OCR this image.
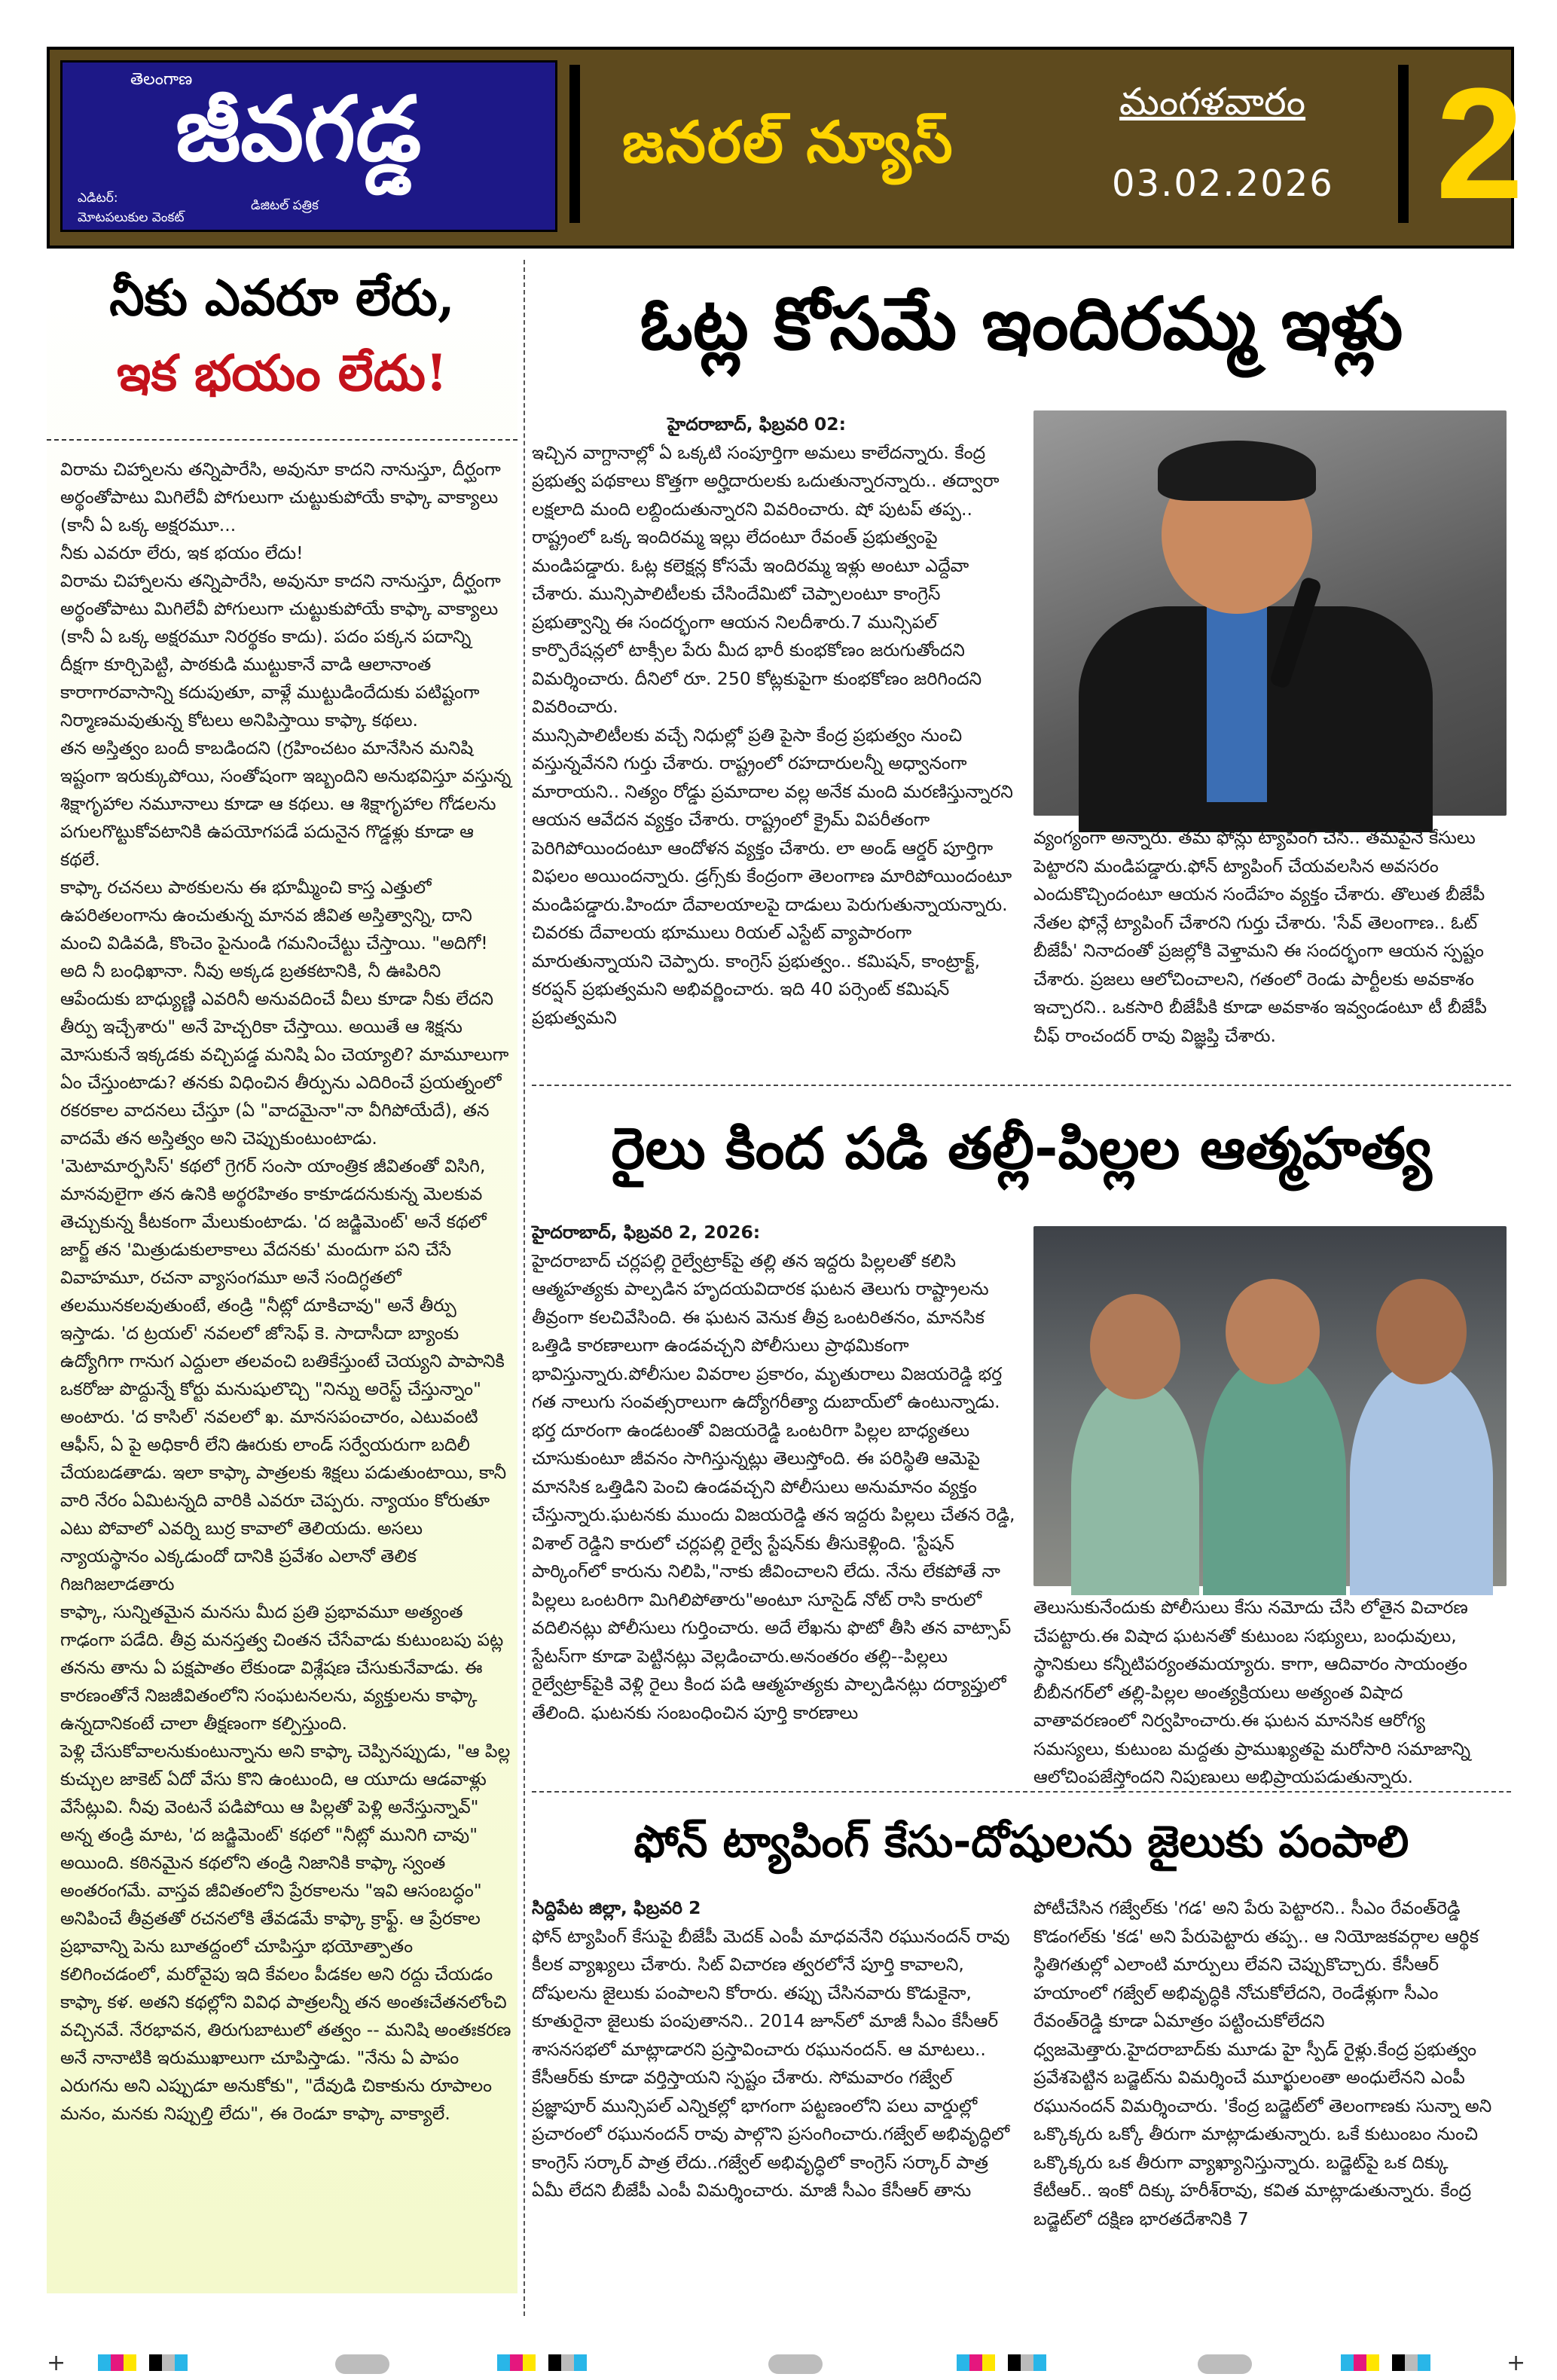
తెలంగాణ
జీవగడ్డ
ఎడిటర్:
మోటపలుకుల వెంకట్
డిజిటల్ పత్రిక
జనరల్ న్యూస్
మంగళవారం
03.02.2026 2
నీకు ఎవరూ లేరు,
ఇక భయం లేదు!

విరామ చిహ్నాలను తన్నిపారేసి, అవునూ కాదని నానుస్తూ, దీర్ఘంగా అర్థంతోపాటు మిగిలేవీ పోగులుగా చుట్టుకుపోయే కాఫ్కా వాక్యాలు (కానీ ఏ ఒక్క అక్షరమూ...

నీకు ఎవరూ లేరు, ఇక భయం లేదు!

విరామ చిహ్నాలను తన్నిపారేసి, అవునూ కాదని నానుస్తూ, దీర్ఘంగా అర్థంతోపాటు మిగిలేవీ పోగులుగా చుట్టుకుపోయే కాఫ్కా వాక్యాలు (కానీ ఏ ఒక్క అక్షరమూ నిరర్థకం కాదు). పదం పక్కన పదాన్ని దీక్షగా కూర్చిపెట్టి, పాఠకుడి ముట్టుకానే వాడి ఆలానాంత కారాగారవాసాన్ని కదుపుతూ, వాళ్లే ముట్టుడిందేదుకు పటిష్టంగా నిర్మాణమవుతున్న కోటలు అనిపిస్తాయి కాఫ్కా కథలు.

తన అస్తిత్వం బందీ కాబడిందని (గ్రహించటం మానేసిన మనిషి ఇష్టంగా ఇరుక్కుపోయి, సంతోషంగా ఇబ్బందిని అనుభవిస్తూ వస్తున్న శిక్షాగృహాల నమూనాలు కూడా ఆ కథలు. ఆ శిక్షాగృహాల గోడలను పగులగొట్టుకోవటానికి ఉపయోగపడే పదునైన గొడ్డళ్లు కూడా ఆ కథలే.

కాఫ్కా రచనలు పాఠకులను ఈ భూమ్మీంచి కాస్త ఎత్తులో ఉపరితలంగాను ఉంచుతున్న మానవ జీవిత అస్తిత్వాన్ని, దాని మంచి విడివడి, కొంచెం పైనుండి గమనించేట్టు చేస్తాయి. "అదిగో! అది నీ బంధిఖానా. నీవు అక్కడ బ్రతకటానికి, నీ ఊపిరిని ఆపేందుకు బాధ్యుణ్ణి ఎవరినీ అనువదించే వీలు కూడా నీకు లేదని తీర్పు ఇచ్చేశారు" అనే హెచ్చరికా చేస్తాయి. అయితే ఆ శిక్షను మోసుకునే ఇక్కడకు వచ్చిపడ్డ మనిషి ఏం చెయ్యాలి? మామూలుగా ఏం చేస్తుంటాడు? తనకు విధించిన తీర్పును ఎదిరించే ప్రయత్నంలో రకరకాల వాదనలు చేస్తూ (ఏ "వాదమైనా"నా వీగిపోయేదే), తన వాదమే తన అస్తిత్వం అని చెప్పుకుంటుంటాడు.

'మెటామార్ఫసిస్' కథలో గ్రెగర్ సంసా యాంత్రిక జీవితంతో విసిగి, మానవులైగా తన ఉనికి అర్థరహితం కాకూడదనుకున్న మెలకువ తెచ్చుకున్న కీటకంగా మేలుకుంటాడు. 'ద జడ్జిమెంట్' అనే కథలో జార్జ్ తన 'మిత్రుడుకులాకాలు వేదనకు' మందుగా పని చేసే వివాహమూ, రచనా వ్యాసంగమూ అనే సందిగ్ధతలో తలమునకలవుతుంటే, తండ్రి "నీట్లో దూకిచావు" అనే తీర్పు ఇస్తాడు. 'ద ట్రయల్' నవలలో జోసెఫ్ కె. సాదాసీదా బ్యాంకు ఉద్యోగిగా గానుగ ఎద్దులా తలవంచి బతికేస్తుంటే చెయ్యని పాపానికి ఒకరోజు పొద్దున్నే కోర్టు మనుషులొచ్చి "నిన్ను అరెస్ట్ చేస్తున్నాం" అంటారు. 'ద కాసిల్' నవలలో ఖ. మానసపంచారం, ఎటువంటి ఆఫీస్, ఏ పై అధికారీ లేని ఊరుకు లాండ్ సర్వేయరుగా బదిలీ చేయబడతాడు. ఇలా కాఫ్కా పాత్రలకు శిక్షలు పడుతుంటాయి, కానీ వారి నేరం ఏమిటన్నది వారికి ఎవరూ చెప్పరు. న్యాయం కోరుతూ ఎటు పోవాలో ఎవర్ని బుర్ర కావాలో తెలియదు. అసలు న్యాయస్థానం ఎక్కడుందో దానికి ప్రవేశం ఎలానో తెలిక గిజగిజలాడతారు

కాఫ్కా, సున్నితమైన మనసు మీద ప్రతి ప్రభావమూ అత్యంత గాఢంగా పడేది. తీవ్ర మనస్తత్వ చింతన చేసేవాడు కుటుంబపు పట్ల తనను తాను ఏ పక్షపాతం లేకుండా విశ్లేషణ చేసుకునేవాడు. ఈ కారణంతోనే నిజజీవితంలోని సంఘటనలను, వ్యక్తులను కాఫ్కా ఉన్నదానికంటే చాలా తీక్షణంగా కల్పిస్తుంది.

పెళ్లి చేసుకోవాలనుకుంటున్నాను అని కాఫ్కా చెప్పినప్పుడు, "ఆ పిల్ల కుచ్చుల జాకెట్ ఏదో వేసు కొని ఉంటుంది, ఆ యూదు ఆడవాళ్లు వేసేట్లువి. నీవు వెంటనే పడిపోయి ఆ పిల్లతో పెళ్లి అనేస్తున్నావ్" అన్న తండ్రి మాట, 'ద జడ్జిమెంట్' కథలో "నీట్లో మునిగి చావు" అయింది. కఠినమైన కథలోని తండ్రి నిజానికి కాఫ్కా స్వంత అంతరంగమే. వాస్తవ జీవితంలోని ప్రేరకాలను "ఇవి ఆసంబద్ధం" అనిపించే తీవ్రతతో రచనలోకి తేవడమే కాఫ్కా క్రాఫ్ట్. ఆ ప్రేరకాల ప్రభావాన్ని పెను బూతద్దంలో చూపిస్తూ భయోత్పాతం కలిగించడంలో, మరోవైపు ఇది కేవలం పీడకల అని రద్దు చేయడం కాఫ్కా కళ. అతని కథల్లోని వివిధ పాత్రలన్నీ తన అంతఃచేతనలోంచి వచ్చినవే. నేరభావన, తిరుగుబాటులో తత్వం -- మనిషి అంతఃకరణ అనే నానాటికి ఇరుముఖాలుగా చూపిస్తాడు. "నేను ఏ పాపం ఎరుగను అని ఎప్పుడూ అనుకోకు", "దేవుడి చికాకును రూపాలం మనం, మనకు నిప్పుల్తి లేదు", ఈ రెండూ కాఫ్కా వాక్యాలే.

ఓట్ల కోసమే ఇందిరమ్మ ఇళ్లు

హైదరాబాద్, ఫిబ్రవరి 02:

ఇచ్చిన వాగ్దానాల్లో ఏ ఒక్కటి సంపూర్తిగా అమలు కాలేదన్నారు. కేంద్ర ప్రభుత్వ పథకాలు కొత్తగా అర్హిదారులకు ఒదుతున్నారన్నారు.. తద్వారా లక్షలాది మంది లబ్దిందుతున్నారని వివరించారు. షో పుటప్ తప్ప.. రాష్ట్రంలో ఒక్క ఇందిరమ్మ ఇల్లు లేదంటూ రేవంత్ ప్రభుత్వంపై మండిపడ్డారు. ఓట్ల కలెక్షన్ల కోసమే ఇందిరమ్మ ఇళ్లు అంటూ ఎద్దేవా చేశారు. మున్సిపాలిటీలకు చేసిందేమిటో చెప్పాలంటూ కాంగ్రెస్ ప్రభుత్వాన్ని ఈ సందర్భంగా ఆయన నిలదీశారు.7 మున్సిపల్ కార్పొరేషన్లలో టాక్సీల పేరు మీద భారీ కుంభకోణం జరుగుతోందని విమర్శించారు. దీనిలో రూ. 250 కోట్లకుపైగా కుంభకోణం జరిగిందని వివరించారు.

మున్సిపాలిటీలకు వచ్చే నిధుల్లో ప్రతి పైసా కేంద్ర ప్రభుత్వం నుంచి వస్తున్నవేనని గుర్తు చేశారు. రాష్ట్రంలో రహదారులన్నీ అధ్వానంగా మారాయని.. నిత్యం రోడ్డు ప్రమాదాల వల్ల అనేక మంది మరణిస్తున్నారని ఆయన ఆవేదన వ్యక్తం చేశారు. రాష్ట్రంలో క్రైమ్ విపరీతంగా పెరిగిపోయిందంటూ ఆందోళన వ్యక్తం చేశారు. లా అండ్ ఆర్డర్ పూర్తిగా విఫలం అయిందన్నారు. డ్రగ్స్‌కు కేంద్రంగా తెలంగాణ మారిపోయిందంటూ మండిపడ్డారు.హిందూ దేవాలయాలపై దాడులు పెరుగుతున్నాయన్నారు. చివరకు దేవాలయ భూములు రియల్ ఎస్టేట్ వ్యాపారంగా మారుతున్నాయని చెప్పారు. కాంగ్రెస్ ప్రభుత్వం.. కమిషన్, కాంట్రాక్ట్, కరప్షన్ ప్రభుత్వమని అభివర్ణించారు. ఇది 40 పర్సెంట్ కమిషన్ ప్రభుత్వమని

వ్యంగ్యంగా అన్నారు. తమ ఫోన్లు ట్యాపింగ్ చేసి.. తమపైనే కేసులు పెట్టారని మండిపడ్డారు.ఫోన్ ట్యాపింగ్ చేయవలసిన అవసరం ఎందుకొచ్చిందంటూ ఆయన సందేహం వ్యక్తం చేశారు. తొలుత బీజేపీ నేతల ఫోన్లే ట్యాపింగ్ చేశారని గుర్తు చేశారు. 'సేవ్ తెలంగాణ.. ఓట్ బీజేపీ' నినాదంతో ప్రజల్లోకి వెళ్తామని ఈ సందర్భంగా ఆయన స్పష్టం చేశారు. ప్రజలు ఆలోచించాలని, గతంలో రెండు పార్టీలకు అవకాశం ఇచ్చారని.. ఒకసారి బీజేపీకి కూడా అవకాశం ఇవ్వండంటూ టీ బీజేపీ చీఫ్ రాంచందర్ రావు విజ్ఞప్తి చేశారు.

రైలు కింద పడి తల్లీ-పిల్లల ఆత్మహత్య

హైదరాబాద్, ఫిబ్రవరి 2, 2026:

హైదరాబాద్ చర్లపల్లి రైల్వేట్రాక్‌పై తల్లి తన ఇద్దరు పిల్లలతో కలిసి ఆత్మహత్యకు పాల్పడిన హృదయవిదారక ఘటన తెలుగు రాష్ట్రాలను తీవ్రంగా కలచివేసింది. ఈ ఘటన వెనుక తీవ్ర ఒంటరితనం, మానసిక ఒత్తిడి కారణాలుగా ఉండవచ్చని పోలీసులు ప్రాథమికంగా భావిస్తున్నారు.పోలీసుల వివరాల ప్రకారం, మృతురాలు విజయరెడ్డి భర్త గత నాలుగు సంవత్సరాలుగా ఉద్యోగరీత్యా దుబాయ్‌లో ఉంటున్నాడు. భర్త దూరంగా ఉండటంతో విజయరెడ్డి ఒంటరిగా పిల్లల బాధ్యతలు చూసుకుంటూ జీవనం సాగిస్తున్నట్లు తెలుస్తోంది. ఈ పరిస్థితి ఆమెపై మానసిక ఒత్తిడిని పెంచి ఉండవచ్చని పోలీసులు అనుమానం వ్యక్తం చేస్తున్నారు.ఘటనకు ముందు విజయరెడ్డి తన ఇద్దరు పిల్లలు చేతన రెడ్డి, విశాల్ రెడ్డిని కారులో చర్లపల్లి రైల్వే స్టేషన్‌కు తీసుకెళ్లింది. 'స్టేషన్ పార్కింగ్‌లో కారును నిలిపి,"నాకు జీవించాలని లేదు. నేను లేకపోతే నా పిల్లలు ఒంటరిగా మిగిలిపోతారు"అంటూ సూసైడ్ నోట్ రాసి కారులో వదిలినట్లు పోలీసులు గుర్తించారు. అదే లేఖను ఫొటో తీసి తన వాట్సాప్ స్టేటస్‌గా కూడా పెట్టినట్లు వెల్లడించారు.అనంతరం తల్లి--పిల్లలు రైల్వేట్రాక్‌పైకి వెళ్లి రైలు కింద పడి ఆత్మహత్యకు పాల్పడినట్లు దర్యాప్తులో తేలింది. ఘటనకు సంబంధించిన పూర్తి కారణాలు

తెలుసుకునేందుకు పోలీసులు కేసు నమోదు చేసి లోతైన విచారణ చేపట్టారు.ఈ విషాద ఘటనతో కుటుంబ సభ్యులు, బంధువులు, స్థానికులు కన్నీటిపర్యంతమయ్యారు. కాగా, ఆదివారం సాయంత్రం బీబీనగర్‌లో తల్లి-పిల్లల అంత్యక్రియలు అత్యంత విషాద వాతావరణంలో నిర్వహించారు.ఈ ఘటన మానసిక ఆరోగ్య సమస్యలు, కుటుంబ మద్దతు ప్రాముఖ్యతపై మరోసారి సమాజాన్ని ఆలోచింపజేస్తోందని నిపుణులు అభిప్రాయపడుతున్నారు.

ఫోన్ ట్యాపింగ్ కేసు-దోషులను జైలుకు పంపాలి

సిద్దిపేట జిల్లా, ఫిబ్రవరి 2

ఫోన్ ట్యాపింగ్ కేసుపై బీజేపీ మెదక్ ఎంపీ మాధవనేని రఘునందన్ రావు కీలక వ్యాఖ్యలు చేశారు. సిట్ విచారణ త్వరలోనే పూర్తి కావాలని, దోషులను జైలుకు పంపాలని కోరారు. తప్పు చేసినవారు కొడుకైనా, కూతురైనా జైలుకు పంపుతానని.. 2014 జూన్‌లో మాజీ సీఎం కేసీఆర్ శాసనసభలో మాట్లాడారని ప్రస్తావించారు రఘునందన్. ఆ మాటలు.. కేసీఆర్‌కు కూడా వర్తిస్తాయని స్పష్టం చేశారు. సోమవారం గజ్వేల్ ప్రజ్ఞాపూర్ మున్సిపల్ ఎన్నికల్లో భాగంగా పట్టణంలోని పలు వార్డుల్లో ప్రచారంలో రఘునందన్ రావు పాల్గొని ప్రసంగించారు.గజ్వేల్ అభివృద్ధిలో కాంగ్రెస్ సర్కార్ పాత్ర లేదు..గజ్వేల్ అభివృద్ధిలో కాంగ్రెస్ సర్కార్ పాత్ర ఏమీ లేదని బీజేపీ ఎంపీ విమర్శించారు. మాజీ సీఎం కేసీఆర్ తాను

పోటీచేసిన గజ్వేల్‌కు 'గడ' అని పేరు పెట్టారని.. సీఎం రేవంత్‌రెడ్డి కొడంగల్‌కు 'కడ' అని పేరుపెట్టారు తప్ప.. ఆ నియోజకవర్గాల ఆర్థిక స్థితిగతుల్లో ఎలాంటి మార్పులు లేవని చెప్పుకొచ్చారు. కేసీఆర్ హయాంలో గజ్వేల్ అభివృద్ధికి నోచుకోలేదని, రెండేళ్లుగా సీఎం రేవంత్‌రెడ్డి కూడా ఏమాత్రం పట్టించుకోలేదని ధ్వజమెత్తారు.హైదరాబాద్‌కు మూడు హై స్పీడ్ రైళ్లు.కేంద్ర ప్రభుత్వం ప్రవేశపెట్టిన బడ్జెట్‌ను విమర్శించే మూర్ఖులంతా అంధులేనని ఎంపీ రఘునందన్ విమర్శించారు. 'కేంద్ర బడ్జెట్‌లో తెలంగాణకు సున్నా అని ఒక్కొక్కరు ఒక్కో తీరుగా మాట్లాడుతున్నారు. ఒకే కుటుంబం నుంచి ఒక్కొక్కరు ఒక తీరుగా వ్యాఖ్యానిస్తున్నారు. బడ్జెట్‌పై ఒక దిక్కు కేటీఆర్.. ఇంకో దిక్కు హరీశ్‌రావు, కవిత మాట్లాడుతున్నారు. కేంద్ర బడ్జెట్‌లో దక్షిణ భారతదేశానికి 7

+	+
